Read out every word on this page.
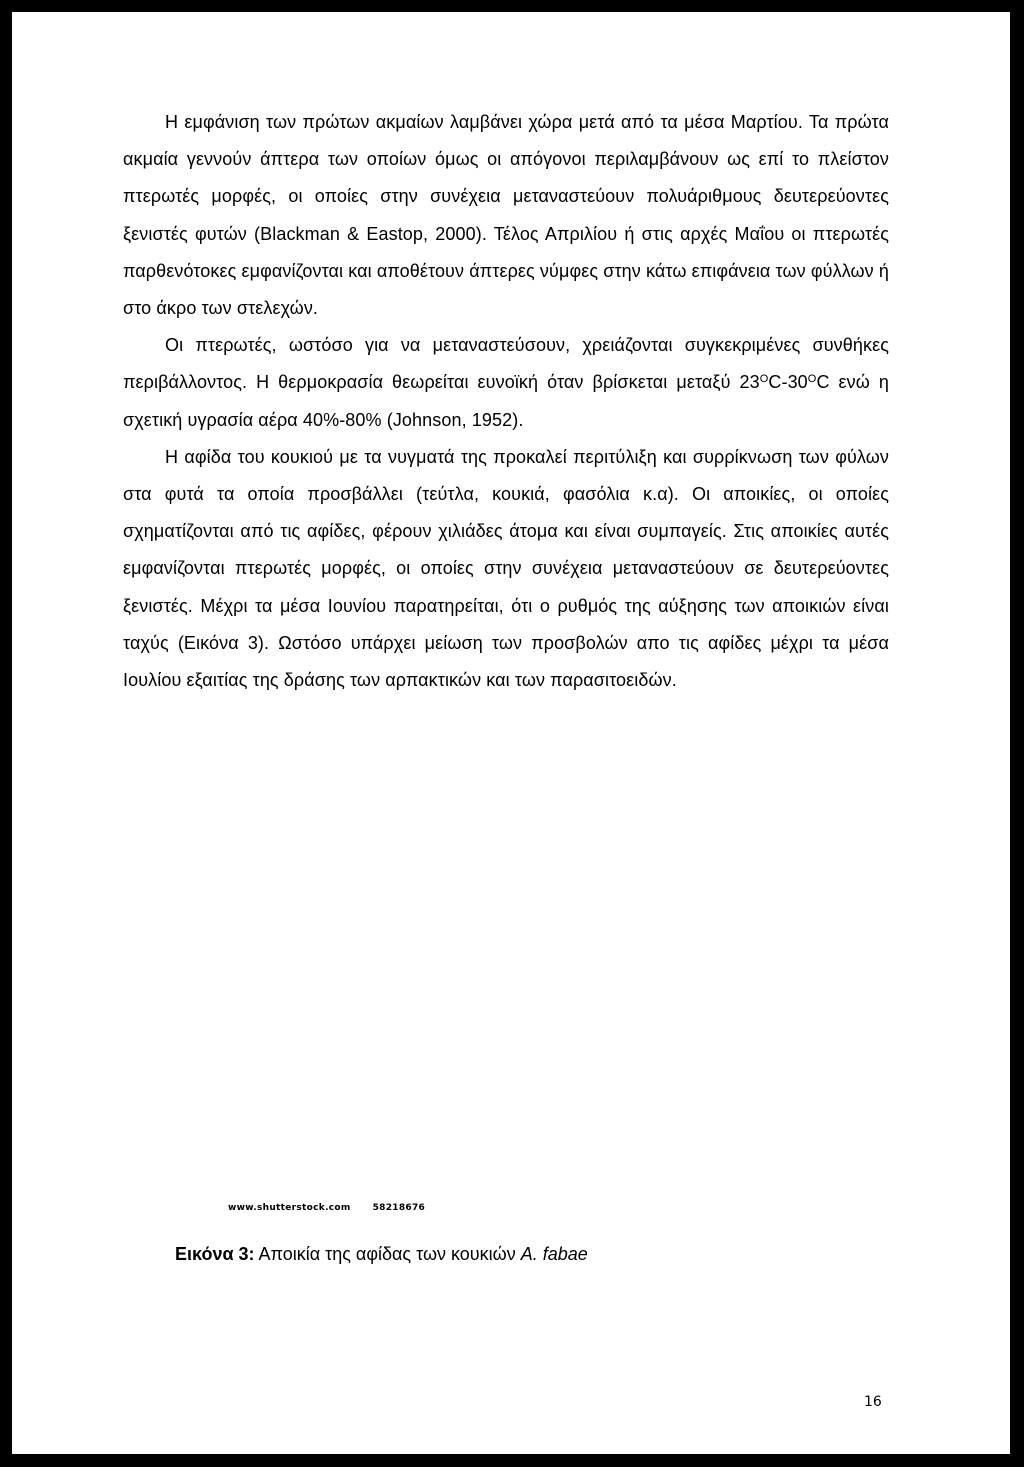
Η εμφάνιση των πρώτων ακμαίων λαμβάνει χώρα μετά από τα μέσα Μαρτίου. Τα πρώτα ακμαία γεννούν άπτερα των οποίων όμως οι απόγονοι περιλαμβάνουν ως επί το πλείστον πτερωτές μορφές, οι οποίες στην συνέχεια μεταναστεύουν πολυάριθμους δευτερεύοντες ξενιστές φυτών (Blackman & Eastop, 2000). Τέλος Απριλίου ή στις αρχές Μαΐου οι πτερωτές παρθενότοκες εμφανίζονται και αποθέτουν άπτερες νύμφες στην κάτω επιφάνεια των φύλλων ή στο άκρο των στελεχών.

Οι πτερωτές, ωστόσο για να μεταναστεύσουν, χρειάζονται συγκεκριμένες συνθήκες περιβάλλοντος. Η θερμοκρασία θεωρείται ευνοϊκή όταν βρίσκεται μεταξύ $23^OC-30^OC$ ενώ η σχετική υγρασία αέρα 40%-80% (Johnson, 1952).

Η αφίδα του κουκιού με τα νυγματά της προκαλεί περιτύλιξη και συρρίκνωση των φύλων στα φυτά τα οποία προσβάλλει (τεύτλα, κουκιά, φασόλια κ.α). Οι αποικίες, οι οποίες σχηματίζονται από τις αφίδες, φέρουν χιλιάδες άτομα και είναι συμπαγείς. Στις αποικίες αυτές εμφανίζονται πτερωτές μορφές, οι οποίες στην συνέχεια μεταναστεύουν σε δευτερεύοντες ξενιστές. Μέχρι τα μέσα Ιουνίου παρατηρείται, ότι ο ρυθμός της αύξησης των αποικιών είναι ταχύς (Εικόνα 3). Ωστόσο υπάρχει μείωση των προσβολών απο τις αφίδες μέχρι τα μέσα Ιουλίου εξαιτίας της δράσης των αρπακτικών και των παρασιτοειδών.

www.shutterstock.com 58218676
Εικόνα 3: Αποικία της αφίδας των κουκιών A. fabae
16
